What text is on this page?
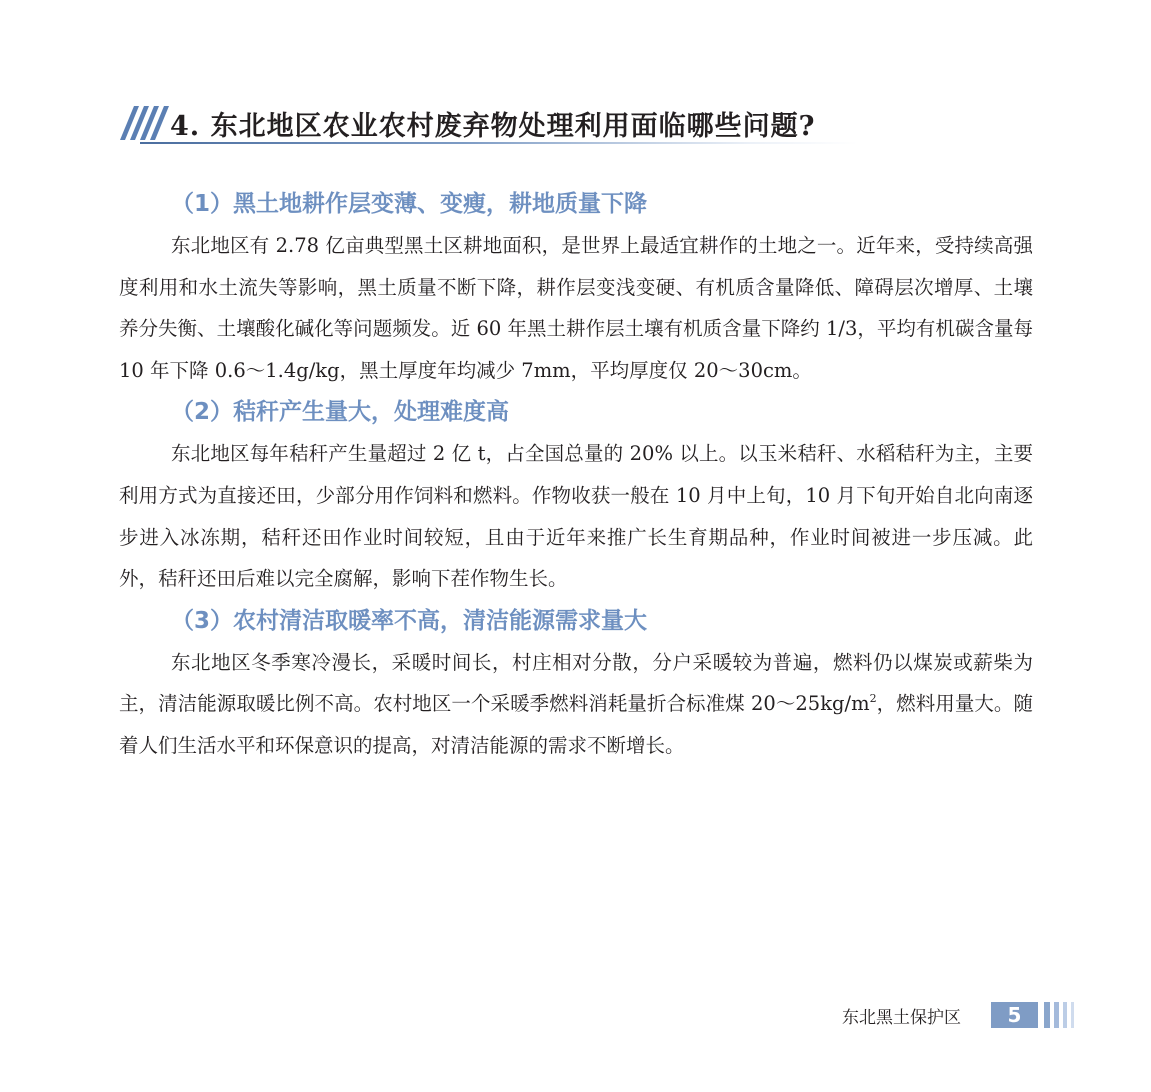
4. 东北地区农业农村废弃物处理利用面临哪些问题?
（1）黑土地耕作层变薄、变瘦，耕地质量下降

东北地区有 2.78 亿亩典型黑土区耕地面积，是世界上最适宜耕作的土地之一。近年来，受持续高强度利用和水土流失等影响，黑土质量不断下降，耕作层变浅变硬、有机质含量降低、障碍层次增厚、土壤养分失衡、土壤酸化碱化等问题频发。近 60 年黑土耕作层土壤有机质含量下降约 1/3，平均有机碳含量每 10 年下降 0.6～1.4g/kg，黑土厚度年均减少 7mm，平均厚度仅 20～30cm。

（2）秸秆产生量大，处理难度高

东北地区每年秸秆产生量超过 2 亿 t，占全国总量的 20% 以上。以玉米秸秆、水稻秸秆为主，主要利用方式为直接还田，少部分用作饲料和燃料。作物收获一般在 10 月中上旬，10 月下旬开始自北向南逐步进入冰冻期，秸秆还田作业时间较短，且由于近年来推广长生育期品种，作业时间被进一步压减。此外，秸秆还田后难以完全腐解，影响下茬作物生长。

（3）农村清洁取暖率不高，清洁能源需求量大

东北地区冬季寒冷漫长，采暖时间长，村庄相对分散，分户采暖较为普遍，燃料仍以煤炭或薪柴为主，清洁能源取暖比例不高。农村地区一个采暖季燃料消耗量折合标准煤 $20\sim 25kg/m^2$，燃料用量大。随着人们生活水平和环保意识的提高，对清洁能源的需求不断增长。

东北黑土保护区	5
